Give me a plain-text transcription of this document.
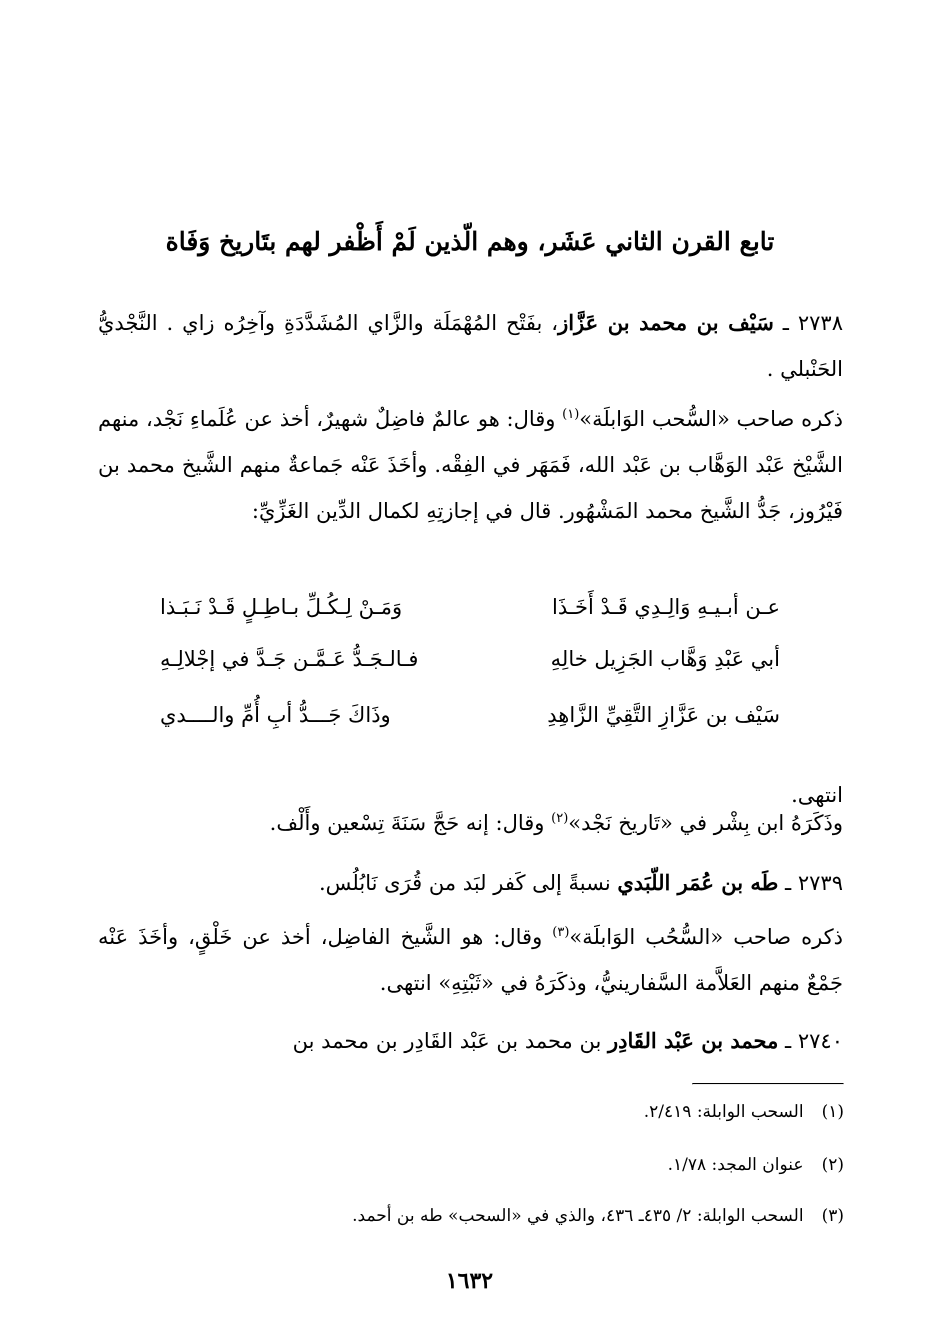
تابع القرن الثاني عَشَر، وهم الّذين لَمْ أَظْفر لهم بتَاريخ وَفَاة

٢٧٣٨ ـ سَيْف بن محمد بن عَزَّاز، بفَتْح المُهْمَلَة والزَّاي المُشَدَّدَةِ وآخِرُه زاي . النَّجْديُّ الحَنْبلي .

ذكره صاحب «السُّحب الوَابلَة»$^{(١)}$ وقال: هو عالمٌ فاضِلٌ شهيرٌ، أخذ عن عُلَماءِ نَجْد، منهم الشَّيْخ عَبْد الوَهَّاب بن عَبْد الله، فَمَهَر في الفِقْه. وأخَذَ عَنْه جَماعةٌ منهم الشَّيخ محمد بن فَيْرُوز، جَدُّ الشَّيخ محمد المَشْهُور. قال في إجازتِهِ لكمال الدِّين الغَزِّيِّ:

عـن أبـيـهِ وَالِـدِي قَـدْ أَخَـذَا
وَمَـنْ لِـكُـلِّ بـاطِـلٍ قَـدْ نَـبَـذا
أبي عَبْدِ وَهَّاب الجَزِيل خالِهِ
فـالـجَـدُّ عَـمَّـن جَـدَّ في إجْلالِـهِ
سَيْف بن عَزَّازِ التَّقِيِّ الزَّاهِدِ
وذَاكَ جَـــدُّ أبِ أُمِّ والــــدي

انتهى.

وذَكَرَهُ ابن بِشْر في «تَاريخ نَجْد»$^{(٢)}$ وقال: إنه حَجَّ سَنَةَ تِسْعين وأَلْف.

٢٧٣٩ ـ طَه بن عُمَر اللّبَدي نسبةً إلى كَفر لبَد من قُرَى نَابُلُس.

ذكره صاحب «السُّحُب الوَابلَة»$^{(٣)}$ وقال: هو الشَّيخ الفاضِل، أخذ عن خَلْقٍ، وأخَذَ عَنْه جَمْعٌ منهم العَلاَّمة السَّفارينيُّ، وذكَرَهُ في «ثَبْتِهِ» انتهى.

٢٧٤٠ ـ محمد بن عَبْد القَادِر بن محمد بن عَبْد القَادِر بن محمد بن

(١)السحب الوابلة: ٢/٤١٩.
(٢)عنوان المجد: ١/٧٨.
(٣)السحب الوابلة: ٢/ ٤٣٥ـ ٤٣٦، والذي في «السحب» طه بن أحمد.
١٦٣٢
